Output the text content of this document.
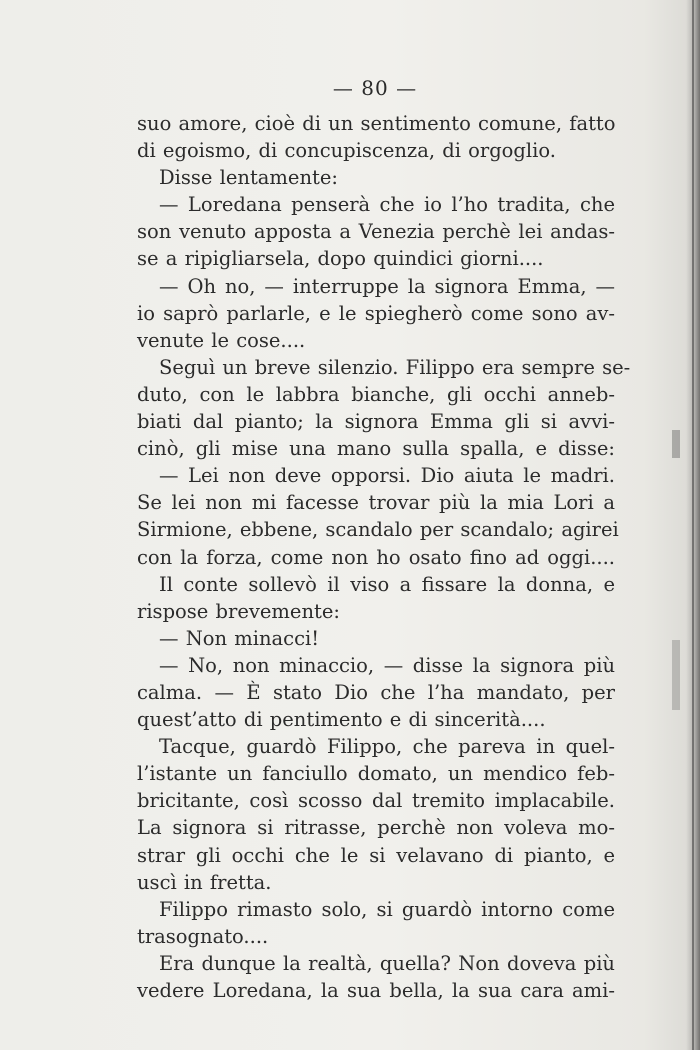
— 80 —
suo amore, cioè di un sentimento comune, fatto
di egoismo, di concupiscenza, di orgoglio.
Disse lentamente:
— Loredana penserà che io l’ho tradita, che
son venuto apposta a Venezia perchè lei andas-
se a ripigliarsela, dopo quindici giorni....
— Oh no, — interruppe la signora Emma, —
io saprò parlarle, e le spiegherò come sono av-
venute le cose....
Seguì un breve silenzio. Filippo era sempre se-
duto, con le labbra bianche, gli occhi anneb-
biati dal pianto; la signora Emma gli si avvi-
cinò, gli mise una mano sulla spalla, e disse:
— Lei non deve opporsi. Dio aiuta le madri.
Se lei non mi facesse trovar più la mia Lori a
Sirmione, ebbene, scandalo per scandalo; agirei
con la forza, come non ho osato fino ad oggi....
Il conte sollevò il viso a fissare la donna, e
rispose brevemente:
— Non minacci!
— No, non minaccio, — disse la signora più
calma. — È stato Dio che l’ha mandato, per
quest’atto di pentimento e di sincerità....
Tacque, guardò Filippo, che pareva in quel-
l’istante un fanciullo domato, un mendico feb-
bricitante, così scosso dal tremito implacabile.
La signora si ritrasse, perchè non voleva mo-
strar gli occhi che le si velavano di pianto, e
uscì in fretta.
Filippo rimasto solo, si guardò intorno come
trasognato....
Era dunque la realtà, quella? Non doveva più
vedere Loredana, la sua bella, la sua cara ami-
